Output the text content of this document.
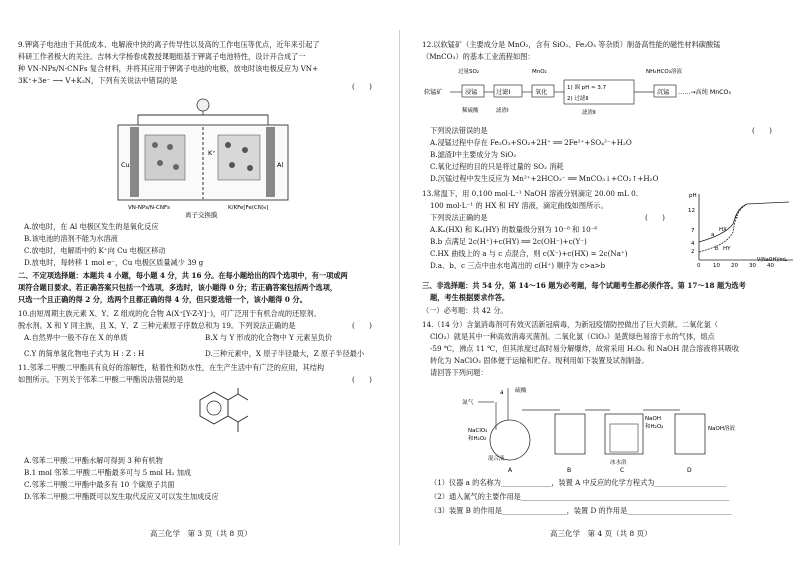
9.钾离子电池由于其低成本、电解液中快的离子传导性以及高的工作电压等优点，近年来引起了
科研工作者极大的关注。吉林大学杨春成教授课题组基于钾离子电池特性，设计开合成了一
种 VN-NPs/N-CNFs 复合材料，并将其应用于钾离子电池的电极，放电时该电极反应为 VN+
3K⁺+3e⁻ ⟶ V+K₃N，下列有关说法中错误的是
(　　)
Cu	Al
K⁺
VN-NPs/N-CNFs	K/KFe[Fe(CN)₆]
离子交换膜
A.放电时，在 Al 电极区发生的是氧化反应
B.该电池的溶剂不能为水溶液
C.放电时，电解质中的 K⁺向 Cu 电极区移动
D.放电时，每转移 1 mol e⁻，Cu 电极区质量减少 39 g
二、不定项选择题：本题共 4 小题，每小题 4 分，共 16 分。在每小题给出的四个选项中，有一项或两
项符合题目要求。若正确答案只包括一个选项，多选时，该小题得 0 分；若正确答案包括两个选项，
只选一个且正确的得 2 分，选两个且都正确的得 4 分，但只要选错一个，该小题得 0 分。
10.由短周期主族元素 X、Y、Z 组成的化合物 A(X⁺[Y-Z-Y]⁻)，可广泛用于有机合成的还原剂、
脱水剂。X 和 Y 同主族，且 X、Y、Z 三种元素原子序数总和为 19。下列说法正确的是	(　　)
A.自然界中一般不存在 X 的单质	B.X 与 Y 形成的化合物中 Y 元素呈负价
C.Y 的简单氢化物电子式为 H : Z : H	D.三种元素中，X 原子半径最大，Z 原子半径最小
11.邻苯二甲酸二甲酯具有良好的溶解性，粘着性和防水性，在生产生活中有广泛的应用，其结构
如图所示。下列关于邻苯二甲酸二甲酯说法错误的是	(　　)
A.邻苯二甲酸二甲酯水解可得到 3 种有机物
B.1 mol 邻苯二甲酸二甲酯最多可与 5 mol H₂ 加成
C.邻苯二甲酸二甲酯中最多有 10 个碳原子共面
D.邻苯二甲酸二甲酯既可以发生取代反应又可以发生加成反应
高三化学　第 3 页（共 8 页）
12.以软锰矿（主要成分是 MnO₂，含有 SiO₂、Fe₂O₃ 等杂质）制备高性能的磁性材料碳酸锰
（MnCO₃）的基本工业流程如图：
软锰矿	浸锰
过量SO₂
稀硫酸
过滤Ⅰ
滤渣Ⅰ
氧化
MnO₂
1) 调 pH ≈ 3.7
2) 过滤Ⅱ
滤渣Ⅱ
沉锰
NH₄HCO₃溶液
……→高纯 MnCO₃
下列说法错误的是	(　　)
A.浸锰过程中存在 Fe₂O₃+SO₂+2H⁺ ══ 2Fe²⁺+SO₄²⁻+H₂O
B.滤渣Ⅰ中主要成分为 SiO₂
C.氧化过程的目的只是将过量的 SO₂ 消耗
D.沉锰过程中发生反应为 Mn²⁺+2HCO₃⁻ ══ MnCO₃↓+CO₂↑+H₂O
13.常温下，用 0.100 mol·L⁻¹ NaOH 溶液分别滴定 20.00 mL 0.
100 mol·L⁻¹ 的 HX 和 HY 溶液，滴定曲线如图所示。
下列说法正确的是	(　　)
A.Kₐ(HX) 和 Kₐ(HY) 的数量级分别为 10⁻⁸ 和 10⁻⁶
B.b 点满足 2c(H⁺)+c(HY) ══ 2c(OH⁻)+c(Y⁻)
C.HX 曲线上的 a 与 c 点混合，则 c(X⁻)+c(HX) = 2c(Na⁺)
D.a、b、c 三点中由水电离出的 c(H⁺) 顺序为 c>a>b
pH
12
7
4
2
0 10 20 30 40
HX
HY
a
b
c
V(NaOH)/mL
三、非选择题：共 54 分，第 14～16 题为必考题，每个试题考生都必须作答。第 17～18 题为选考
题，考生根据要求作答。
（一）必考题：共 42 分。
14.（14 分）含氯消毒剂可有效灭活新冠病毒，为新冠疫情防控做出了巨大贡献。二氧化氯（
ClO₂）就是其中一种高效消毒灭菌剂。二氧化氯（ClO₂）是黄绿色易溶于水的气体，熔点
-59 ℃，沸点 11 ℃，但其浓度过高时易分解爆炸，故常采用 H₂O₂ 和 NaOH 混合溶液将其吸收
转化为 NaClO₂ 固体便于运输和贮存。现利用如下装置及试剂制备。
请回答下列问题：
氮气
硫酸
a
NaClO₃
和H₂O₂
混合液
NaOH
和H₂O₂
冰水浴
NaOH溶液
A	B	C	D
（1）仪器 a 的名称为______________，装置 A 中反应的化学方程式为____________________
（2）通入氮气的主要作用是__________________________________________________________
（3）装置 B 的作用是__________________，装置 D 的作用是_____________________________
高三化学　第 4 页（共 8 页）
